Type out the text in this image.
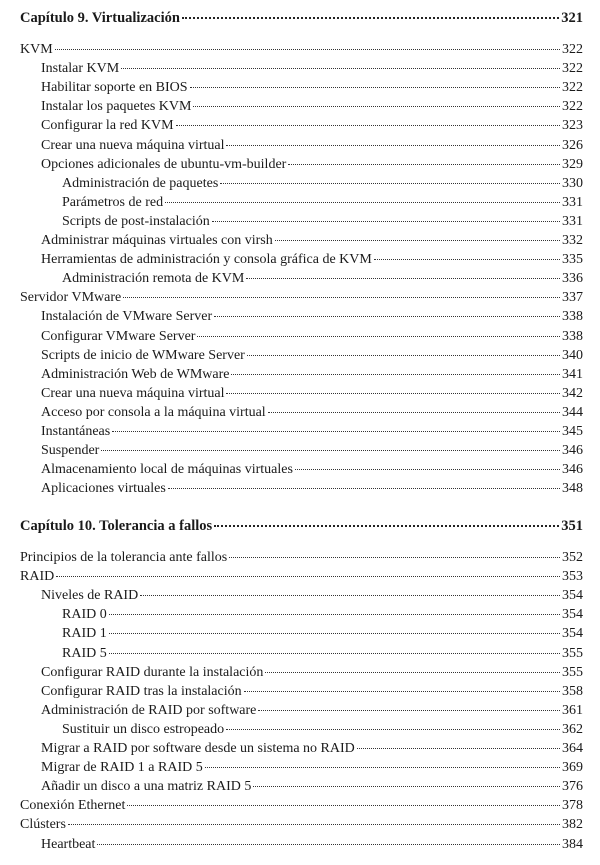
Capítulo 9. Virtualización	321
KVM	322
Instalar KVM	322
Habilitar soporte en BIOS	322
Instalar los paquetes KVM	322
Configurar la red KVM	323
Crear una nueva máquina virtual	326
Opciones adicionales de ubuntu-vm-builder	329
Administración de paquetes	330
Parámetros de red	331
Scripts de post-instalación	331
Administrar máquinas virtuales con virsh	332
Herramientas de administración y consola gráfica de KVM	335
Administración remota de KVM	336
Servidor VMware	337
Instalación de VMware Server	338
Configurar VMware Server	338
Scripts de inicio de WMware Server	340
Administración Web de WMware	341
Crear una nueva máquina virtual	342
Acceso por consola a la máquina virtual	344
Instantáneas	345
Suspender	346
Almacenamiento local de máquinas virtuales	346
Aplicaciones virtuales	348
Capítulo 10. Tolerancia a fallos	351
Principios de la tolerancia ante fallos	352
RAID	353
Niveles de RAID	354
RAID 0	354
RAID 1	354
RAID 5	355
Configurar RAID durante la instalación	355
Configurar RAID tras la instalación	358
Administración de RAID por software	361
Sustituir un disco estropeado	362
Migrar a RAID por software desde un sistema no RAID	364
Migrar de RAID 1 a RAID 5	369
Añadir un disco a una matriz RAID 5	376
Conexión Ethernet	378
Clústers	382
Heartbeat	384
